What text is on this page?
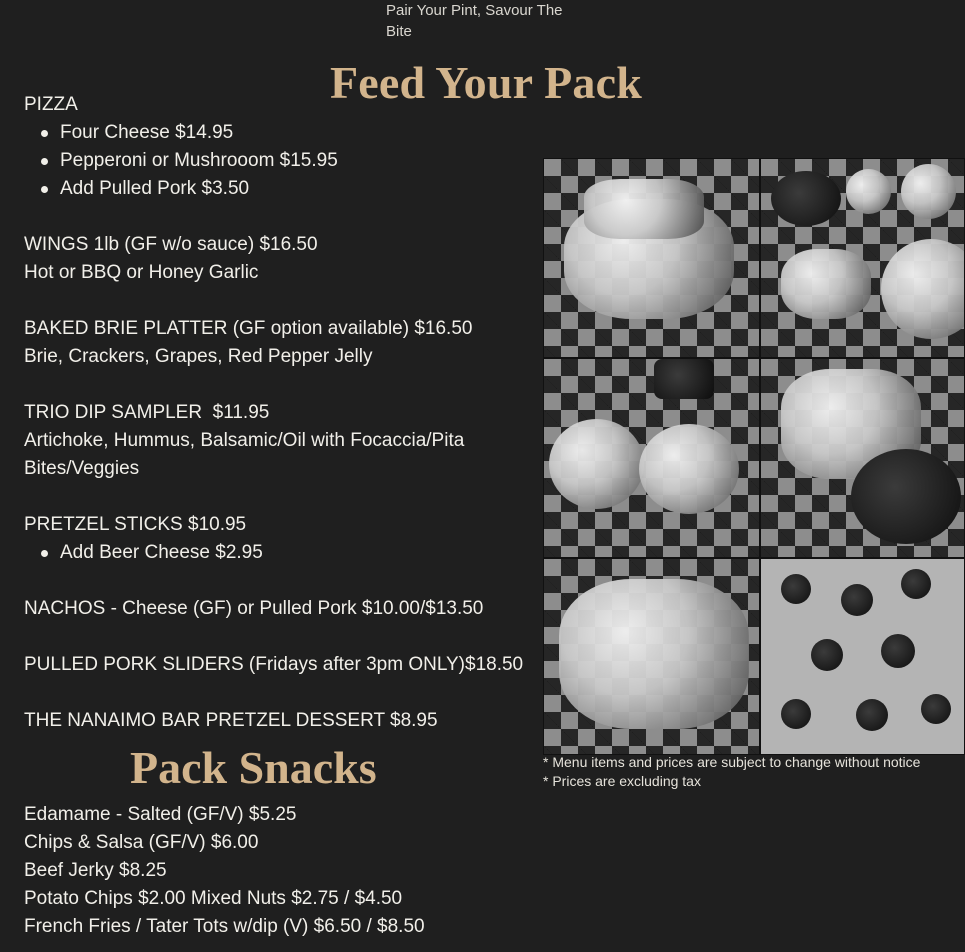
Pair Your Pint, Savour The Bite
Feed Your Pack
PIZZA
Four Cheese $14.95
Pepperoni or Mushrooom $15.95
Add Pulled Pork $3.50
WINGS 1lb (GF w/o sauce) $16.50
Hot or BBQ or Honey Garlic
BAKED BRIE PLATTER (GF option available) $16.50
Brie, Crackers, Grapes, Red Pepper Jelly
TRIO DIP SAMPLER  $11.95
Artichoke, Hummus, Balsamic/Oil with Focaccia/Pita Bites/Veggies
PRETZEL STICKS $10.95
Add Beer Cheese $2.95
NACHOS - Cheese (GF) or Pulled Pork $10.00/$13.50
PULLED PORK SLIDERS (Fridays after 3pm ONLY)$18.50
THE NANAIMO BAR PRETZEL DESSERT $8.95
Pack Snacks
Edamame - Salted (GF/V) $5.25
Chips & Salsa (GF/V) $6.00
Beef Jerky $8.25
Potato Chips $2.00 Mixed Nuts $2.75 / $4.50
French Fries / Tater Tots w/dip (V) $6.50 / $8.50
* Menu items and prices are subject to change without notice
* Prices are excluding tax
